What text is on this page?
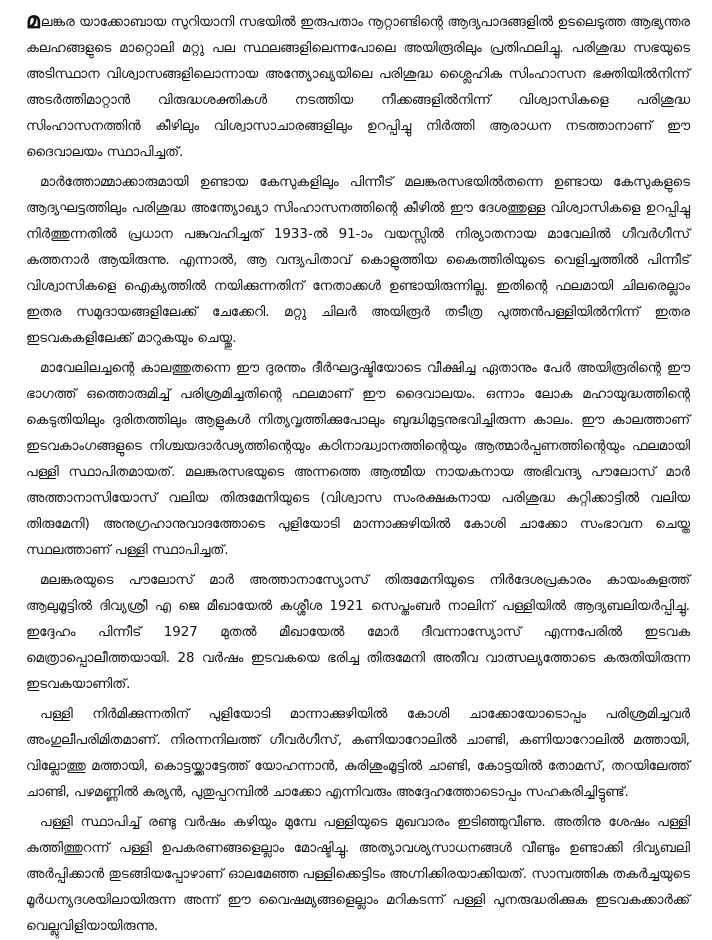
മലങ്കര യാക്കോബായ സുറിയാനി സഭയിൽ ഇരുപതാം നൂറ്റാണ്ടിന്റെ ആദ്യപാദങ്ങളിൽ ഉടലെടുത്ത ആഭ്യന്തര കലഹങ്ങളുടെ മാറ്റൊലി മറ്റു പല സ്ഥലങ്ങളിലെന്നപോലെ അയിരൂരിലും പ്രതിഫലിച്ചു. പരിശുദ്ധ സഭയുടെ അടിസ്ഥാന വിശ്വാസങ്ങളിലൊന്നായ അന്ത്യോഖ്യയിലെ പരിശുദ്ധ ശ്ലൈഹിക സിംഹാസന ഭക്തിയിൽനിന്ന് അടർത്തിമാറ്റാൻ വിരുദ്ധശക്തികൾ നടത്തിയ നീക്കങ്ങളിൽനിന്ന് വിശ്വാസികളെ പരിശുദ്ധ സിംഹാസനത്തിൻ കീഴിലും വിശ്വാസാചാരങ്ങളിലും ഉറപ്പിച്ചു നിർത്തി ആരാധന നടത്താനാണ് ഈ ദൈവാലയം സ്ഥാപിച്ചത്.

മാർത്തോമ്മാക്കാരുമായി ഉണ്ടായ കേസുകളിലും പിന്നീട് മലങ്കരസഭയിൽതന്നെ ഉണ്ടായ കേസുകളുടെ ആദ്യഘട്ടത്തിലും പരിശുദ്ധ അന്ത്യോഖ്യാ സിംഹാസനത്തിന്റെ കീഴിൽ ഈ ദേശത്തുള്ള വിശ്വാസികളെ ഉറപ്പിച്ചു നിർത്തുന്നതിൽ പ്രധാന പങ്കുവഹിച്ചത് 1933-ൽ 91-ാം വയസ്സിൽ നിര്യാതനായ മാവേലിൽ ഗീവർഗീസ് കത്തനാർ ആയിരുന്നു. എന്നാൽ, ആ വന്ദ്യപിതാവ് കൊളുത്തിയ കൈത്തിരിയുടെ വെളിച്ചത്തിൽ പിന്നീട് വിശ്വാസികളെ ഐക്യത്തിൽ നയിക്കുന്നതിന് നേതാക്കൾ ഉണ്ടായിരുന്നില്ല. ഇതിന്റെ ഫലമായി ചിലരെല്ലാം ഇതര സമുദായങ്ങളിലേക്ക് ചേക്കേറി. മറ്റു ചിലർ അയിരൂർ തടീത്ര പുത്തൻപള്ളിയിൽനിന്ന് ഇതര ഇടവകകളിലേക്ക് മാറുകയും ചെയ്തു.

മാവേലിലച്ചന്റെ കാലത്തുതന്നെ ഈ ദുരന്തം ദീർഘദൃഷ്ടിയോടെ വീക്ഷിച്ച ഏതാനും പേർ അയിരൂരിന്റെ ഈ ഭാഗത്ത് ഒത്തൊരുമിച്ച് പരിശ്രമിച്ചതിന്റെ ഫലമാണ് ഈ ദൈവാലയം. ഒന്നാം ലോക മഹായുദ്ധത്തിന്റെ കെടുതിയിലും ദുരിതത്തിലും ആളുകൾ നിത്യവൃത്തിക്കുപോലും ബുദ്ധിമുട്ടനുഭവിച്ചിരുന്ന കാലം. ഈ കാലത്താണ് ഇടവകാംഗങ്ങളുടെ നിശ്ചയദാർഢ്യത്തിന്റെയും കഠിനാദ്ധ്വാനത്തിന്റെയും ആത്മാർപ്പണത്തിന്റെയും ഫലമായി പള്ളി സ്ഥാപിതമായത്. മലങ്കരസഭയുടെ അന്നത്തെ ആത്മീയ നായകനായ അഭിവന്ദ്യ പൗലോസ് മാർ അത്താനാസിയോസ് വലിയ തിരുമേനിയുടെ (വിശ്വാസ സംരക്ഷകനായ പരിശുദ്ധ കുറ്റിക്കാട്ടിൽ വലിയ തിരുമേനി) അനുഗ്രഹാനുവാദത്തോടെ പുളിയോടി മാന്നാക്കുഴിയിൽ കോശി ചാക്കോ സംഭാവന ചെയ്ത സ്ഥലത്താണ് പള്ളി സ്ഥാപിച്ചത്.

മലങ്കരയുടെ പൗലോസ് മാർ അത്താനാസ്യോസ് തിരുമേനിയുടെ നിർദേശപ്രകാരം കായംകുളത്ത് ആലുമൂട്ടിൽ ദിവ്യശ്രീ എ ജെ മീഖായേൽ കശ്ശീശ 1921 സെപ്തംബർ നാലിന് പള്ളിയിൽ ആദ്യബലിയർപ്പിച്ചു. ഇദ്ദേഹം പിന്നീട് 1927 മുതൽ മീഖായേൽ മോർ ദീവന്നാസ്യോസ് എന്നപേരിൽ ഇടവക മെത്രാപ്പൊലീത്തയായി. 28 വർഷം ഇടവകയെ ഭരിച്ച തിരുമേനി അതീവ വാത്സല്യത്തോടെ കരുതിയിരുന്ന ഇടവകയാണിത്.

പള്ളി നിർമിക്കുന്നതിന് പുളിയോടി മാന്നാക്കുഴിയിൽ കോശി ചാക്കോയോടൊപ്പം പരിശ്രമിച്ചവർ അംഗുലീപരിമിതമാണ്. നിരന്നനിലത്ത് ഗീവർഗീസ്, കണിയാറോലിൽ ചാണ്ടി, കണിയാറോലിൽ മത്തായി, വില്ലോത്തു മത്തായി, കൊട്ടയ്ക്കാട്ടേത്ത് യോഹന്നാൻ, കുരിശുംമൂട്ടിൽ ചാണ്ടി, കോട്ടയിൽ തോമസ്, തറയിലേത്ത് ചാണ്ടി, പഴമണ്ണിൽ കുര്യൻ, പുതുപ്പറമ്പിൽ ചാക്കോ എന്നിവരും അദ്ദേഹത്തോടൊപ്പം സഹകരിച്ചിട്ടുണ്ട്.

പള്ളി സ്ഥാപിച്ച് രണ്ടു വർഷം കഴിയും മുമ്പേ പള്ളിയുടെ മുഖവാരം ഇടിഞ്ഞുവീണു. അതിനു ശേഷം പള്ളി കുത്തിത്തുറന്ന് പള്ളി ഉപകരണങ്ങളെല്ലാം മോഷ്ടിച്ചു. അത്യാവശ്യസാധനങ്ങൾ വീണ്ടും ഉണ്ടാക്കി ദിവ്യബലി അർപ്പിക്കാൻ തുടങ്ങിയപ്പോഴാണ് ഓലമേഞ്ഞ പള്ളിക്കെട്ടിടം അഗ്നിക്കിരയാക്കിയത്. സാമ്പത്തിക തകർച്ചയുടെ മൂർധന്യദശയിലായിരുന്ന അന്ന് ഈ വൈഷമ്യങ്ങളെല്ലാം മറികടന്ന് പള്ളി പുനരുദ്ധരിക്കുക ഇടവകക്കാർക്ക് വെല്ലുവിളിയായിരുന്നു.
